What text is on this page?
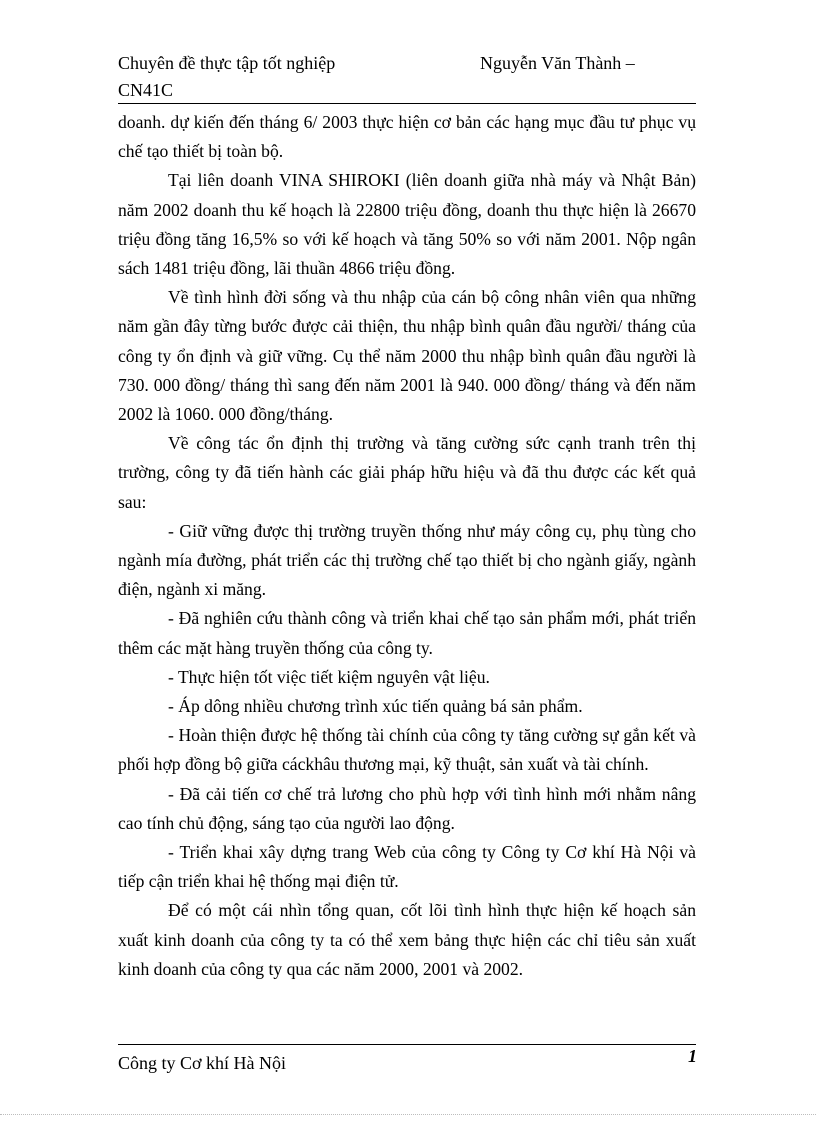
Chuyên đề thực tập tốt nghiệp	Nguyễn Văn Thành –
CN41C

doanh. dự kiến đến tháng 6/ 2003 thực hiện cơ bản các hạng mục đầu tư phục vụ chế tạo thiết bị toàn bộ.

Tại liên doanh VINA SHIROKI (liên doanh giữa nhà máy và Nhật Bản) năm 2002 doanh thu kế hoạch là 22800 triệu đồng, doanh thu thực hiện là 26670 triệu đồng tăng 16,5% so với kế hoạch và tăng 50% so với năm 2001. Nộp ngân sách 1481 triệu đồng, lãi thuần 4866 triệu đồng.

Về tình hình đời sống và thu nhập của cán bộ công nhân viên qua những năm gần đây từng bước được cải thiện, thu nhập bình quân đầu người/ tháng của công ty ổn định và giữ vững. Cụ thể năm 2000 thu nhập bình quân đầu người là 730. 000 đồng/ tháng thì sang đến năm 2001 là 940. 000 đồng/ tháng và đến năm 2002 là 1060. 000 đồng/tháng.

Về công tác ổn định thị trường và tăng cường sức cạnh tranh trên thị trường, công ty đã tiến hành các giải pháp hữu hiệu và đã thu được các kết quả sau:

- Giữ vững được thị trường truyền thống như máy công cụ, phụ tùng cho ngành mía đường, phát triển các thị trường chế tạo thiết bị cho ngành giấy, ngành điện, ngành xi măng.

- Đã nghiên cứu thành công và triển khai chế tạo sản phẩm mới, phát triển thêm các mặt hàng truyền thống của công ty.

- Thực hiện tốt việc tiết kiệm nguyên vật liệu.

- Áp dông nhiều chương trình xúc tiến quảng bá sản phẩm.

- Hoàn thiện được hệ thống tài chính của công ty tăng cường sự gắn kết và phối hợp đồng bộ giữa cáckhâu thương mại, kỹ thuật, sản xuất và tài chính.

- Đã cải tiến cơ chế trả lương cho phù hợp với tình hình mới nhằm nâng cao tính chủ động, sáng tạo của người lao động.

- Triển khai xây dựng trang Web của công ty Công ty Cơ khí Hà Nội và tiếp cận triển khai hệ thống mại điện tử.

Để có một cái nhìn tổng quan, cốt lõi tình hình thực hiện kế hoạch sản xuất kinh doanh của công ty ta có thể xem bảng thực hiện các chỉ tiêu sản xuất kinh doanh của công ty qua các năm 2000, 2001 và 2002.

Công ty Cơ khí Hà Nội	1
